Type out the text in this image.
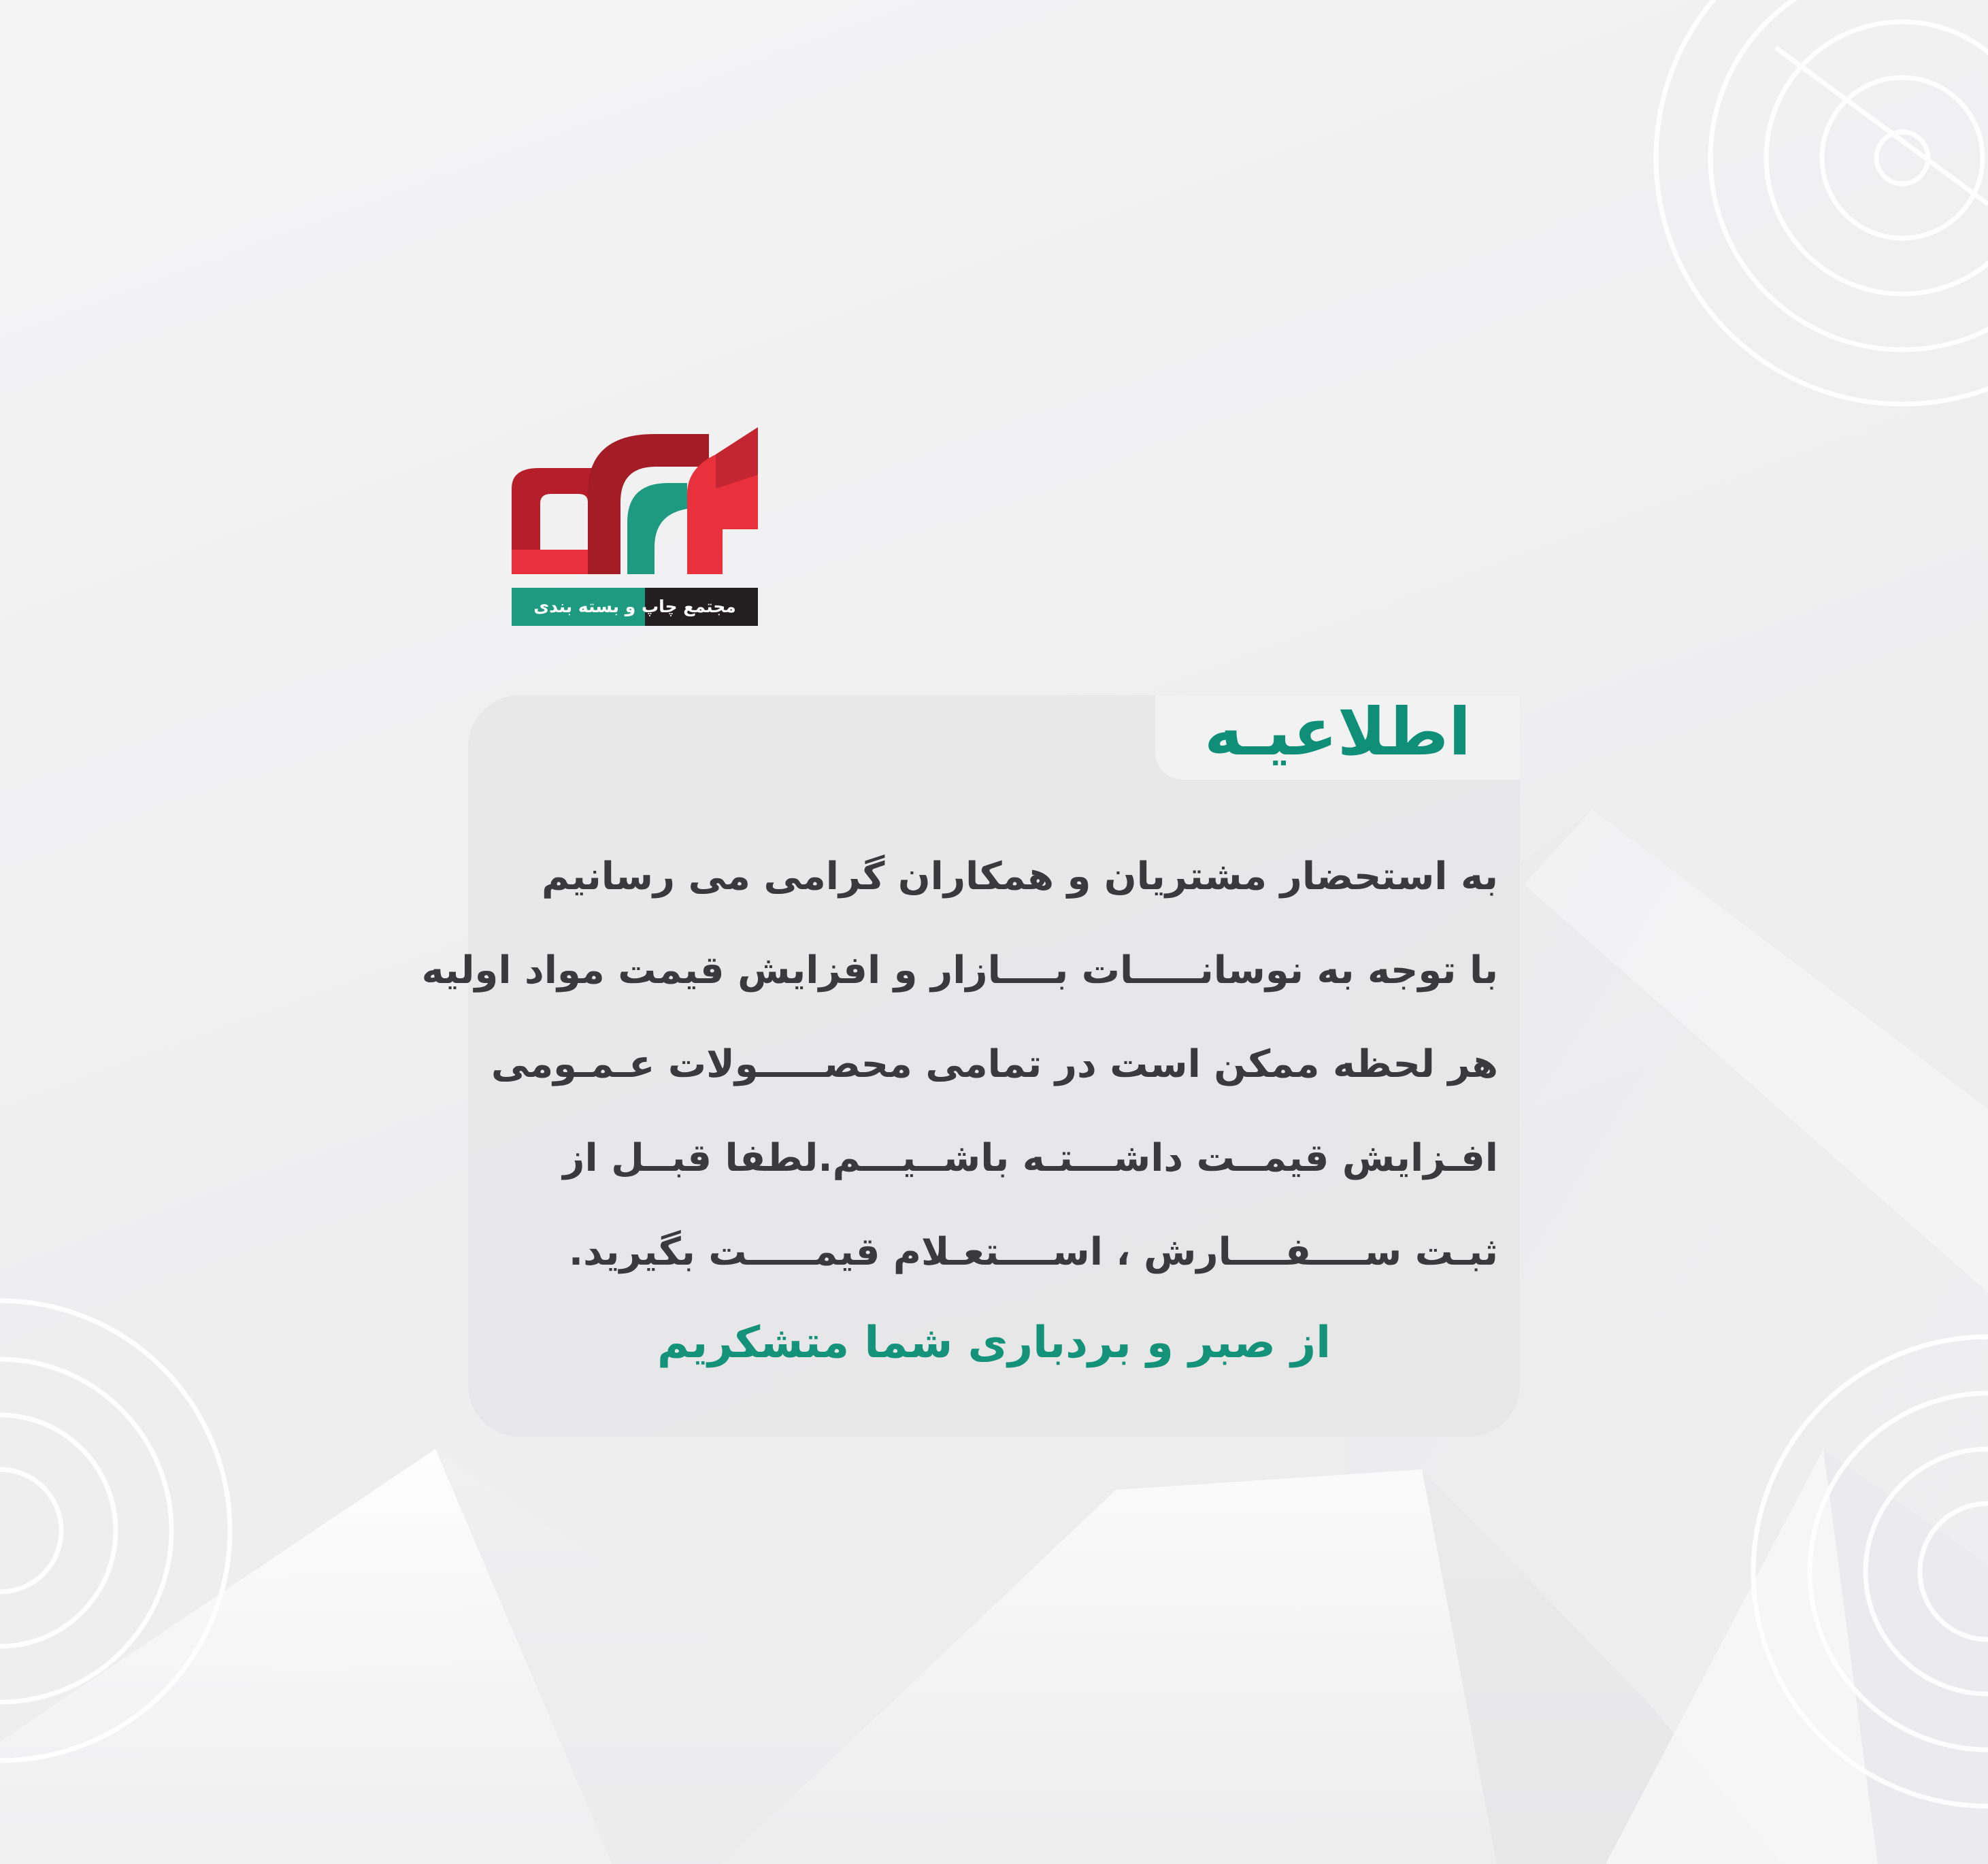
مجتمع چاپ و بسته بندی
اطلاعیـه
به استحضار مشتریان و همکاران گرامی می رسانیم
با توجه به نوسانـــــات بــــازار و افزایش قیمت مواد اولیه
هر لحظه ممکن است در تمامی محصـــــولات عـمـومی
افـزایش قیمــت داشـــتـه باشــیـــم.لطفا قبــل از
ثبـت ســــفــــارش ، اســــتعـلام قیمـــــت بگیرید.
از صبر و بردباری شما متشکریم
